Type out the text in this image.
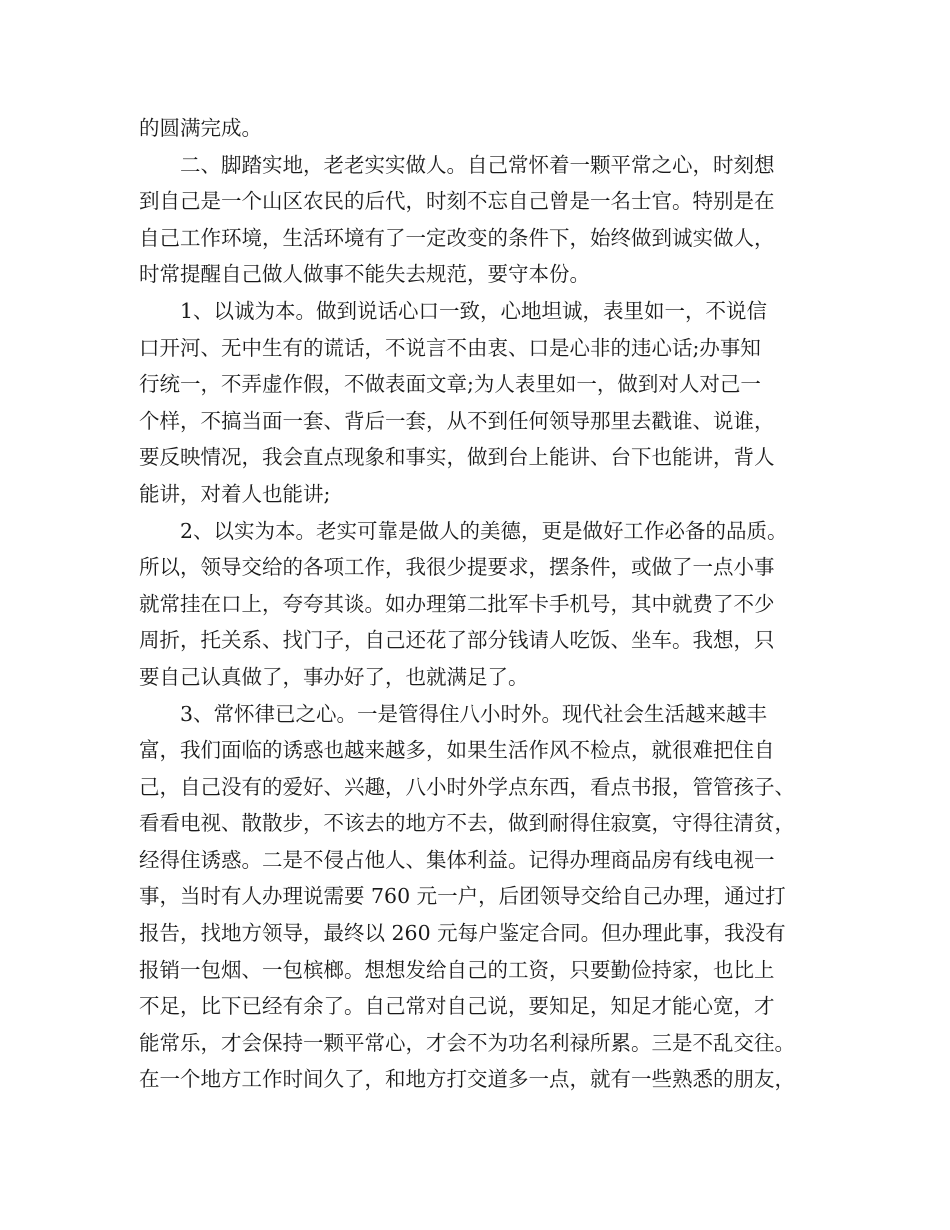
的圆满完成。
　　二、脚踏实地，老老实实做人。自己常怀着一颗平常之心，时刻想
到自己是一个山区农民的后代，时刻不忘自己曾是一名士官。特别是在
自己工作环境，生活环境有了一定改变的条件下，始终做到诚实做人，
时常提醒自己做人做事不能失去规范，要守本份。
　　1、以诚为本。做到说话心口一致，心地坦诚，表里如一，不说信
口开河、无中生有的谎话，不说言不由衷、口是心非的违心话;办事知
行统一，不弄虚作假，不做表面文章;为人表里如一，做到对人对己一
个样，不搞当面一套、背后一套，从不到任何领导那里去戳谁、说谁，
要反映情况，我会直点现象和事实，做到台上能讲、台下也能讲，背人
能讲，对着人也能讲;
　　2、以实为本。老实可靠是做人的美德，更是做好工作必备的品质。
所以，领导交给的各项工作，我很少提要求，摆条件，或做了一点小事
就常挂在口上，夸夸其谈。如办理第二批军卡手机号，其中就费了不少
周折，托关系、找门子，自己还花了部分钱请人吃饭、坐车。我想，只
要自己认真做了，事办好了，也就满足了。
　　3、常怀律已之心。一是管得住八小时外。现代社会生活越来越丰
富，我们面临的诱惑也越来越多，如果生活作风不检点，就很难把住自
己，自己没有的爱好、兴趣，八小时外学点东西，看点书报，管管孩子、
看看电视、散散步，不该去的地方不去，做到耐得住寂寞，守得往清贫，
经得住诱惑。二是不侵占他人、集体利益。记得办理商品房有线电视一
事，当时有人办理说需要 760 元一户，后团领导交给自己办理，通过打
报告，找地方领导，最终以 260 元每户鉴定合同。但办理此事，我没有
报销一包烟、一包槟榔。想想发给自己的工资，只要勤俭持家，也比上
不足，比下已经有余了。自己常对自己说，要知足，知足才能心宽，才
能常乐，才会保持一颗平常心，才会不为功名利禄所累。三是不乱交往。
在一个地方工作时间久了，和地方打交道多一点，就有一些熟悉的朋友，
